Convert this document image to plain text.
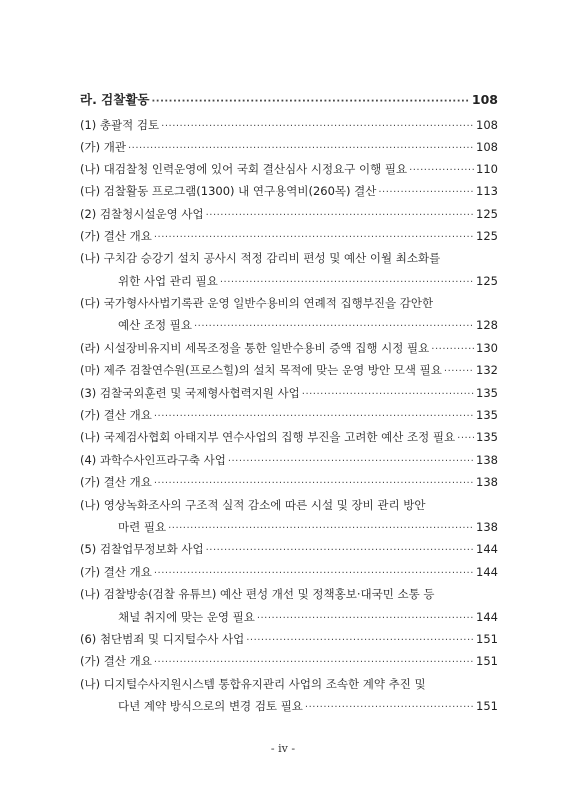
라. 검찰활동 ·····	108
(1) 총괄적 검토 ·····	108
(가) 개관 ·····	108
(나) 대검찰청 인력운영에 있어 국회 결산심사 시정요구 이행 필요 ·····	110
(다) 검찰활동 프로그램(1300) 내 연구용역비(260목) 결산 ·····	113
(2) 검찰청시설운영 사업 ·····	125
(가) 결산 개요 ·····	125
(나) 구치감 승강기 설치 공사시 적정 감리비 편성 및 예산 이월 최소화를
위한 사업 관리 필요 ·····	125
(다) 국가형사사법기록관 운영 일반수용비의 연례적 집행부진을 감안한
예산 조정 필요 ·····	128
(라) 시설장비유지비 세목조정을 통한 일반수용비 증액 집행 시정 필요 ·····	130
(마) 제주 검찰연수원(프로스힐)의 설치 목적에 맞는 운영 방안 모색 필요 ·····	132
(3) 검찰국외훈련 및 국제형사협력지원 사업 ·····	135
(가) 결산 개요 ·····	135
(나) 국제검사협회 아태지부 연수사업의 집행 부진을 고려한 예산 조정 필요 ····· 135
(4) 과학수사인프라구축 사업 ·····	138
(가) 결산 개요 ·····	138
(나) 영상녹화조사의 구조적 실적 감소에 따른 시설 및 장비 관리 방안
마련 필요 ·····	138
(5) 검찰업무정보화 사업 ·····	144
(가) 결산 개요 ·····	144
(나) 검찰방송(검찰 유튜브) 예산 편성 개선 및 정책홍보·대국민 소통 등
채널 취지에 맞는 운영 필요 ·····	144
(6) 첨단범죄 및 디지털수사 사업 ·····	151
(가) 결산 개요 ·····	151
(나) 디지털수사지원시스템 통합유지관리 사업의 조속한 계약 추진 및
다년 계약 방식으로의 변경 검토 필요 ·····	151
- iv -
